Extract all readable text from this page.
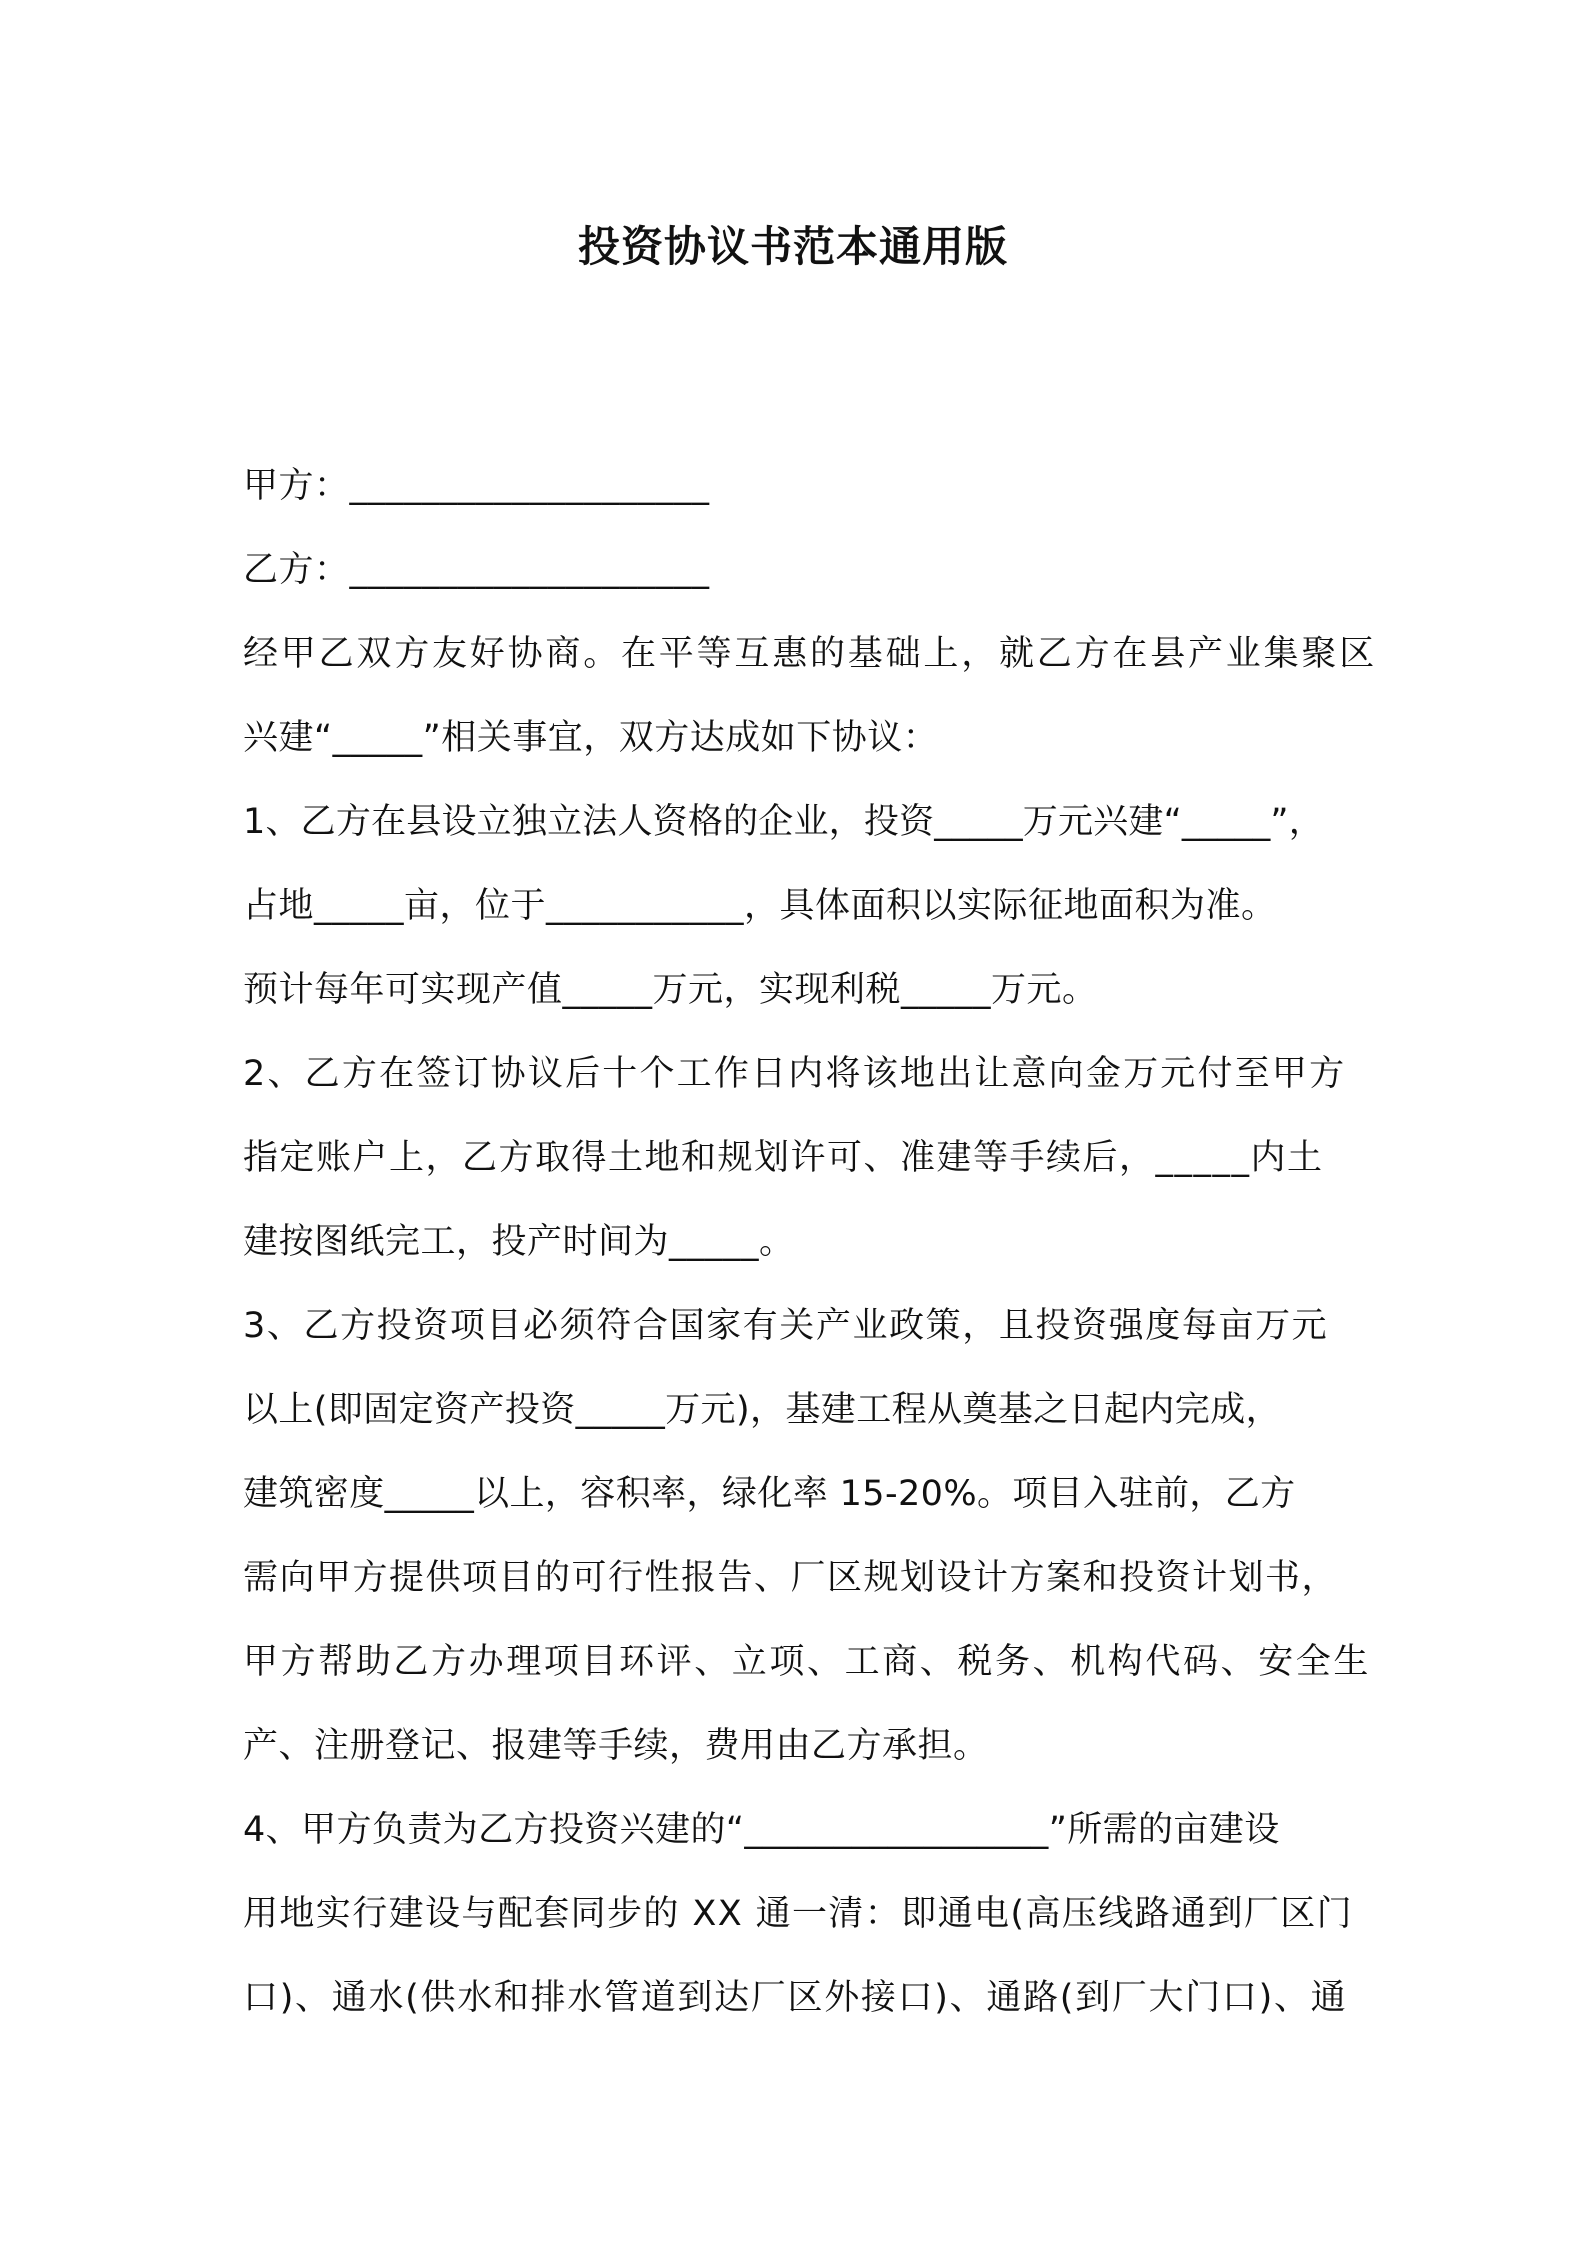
投资协议书范本通用版
甲方：____________________
乙方：____________________
经甲乙双方友好协商。在平等互惠的基础上，就乙方在县产业集聚区
兴建“_____”相关事宜，双方达成如下协议：
1、乙方在县设立独立法人资格的企业，投资_____万元兴建“_____”，
占地_____亩，位于___________，具体面积以实际征地面积为准。
预计每年可实现产值_____万元，实现利税_____万元。
2、乙方在签订协议后十个工作日内将该地出让意向金万元付至甲方
指定账户上，乙方取得土地和规划许可、准建等手续后，_____内土
建按图纸完工，投产时间为_____。
3、乙方投资项目必须符合国家有关产业政策，且投资强度每亩万元
以上(即固定资产投资_____万元)，基建工程从奠基之日起内完成，
建筑密度_____以上，容积率，绿化率 15-20%。项目入驻前，乙方
需向甲方提供项目的可行性报告、厂区规划设计方案和投资计划书，
甲方帮助乙方办理项目环评、立项、工商、税务、机构代码、安全生
产、注册登记、报建等手续，费用由乙方承担。
4、甲方负责为乙方投资兴建的“_________________”所需的亩建设
用地实行建设与配套同步的 XX 通一清：即通电(高压线路通到厂区门
口)、通水(供水和排水管道到达厂区外接口)、通路(到厂大门口)、通
